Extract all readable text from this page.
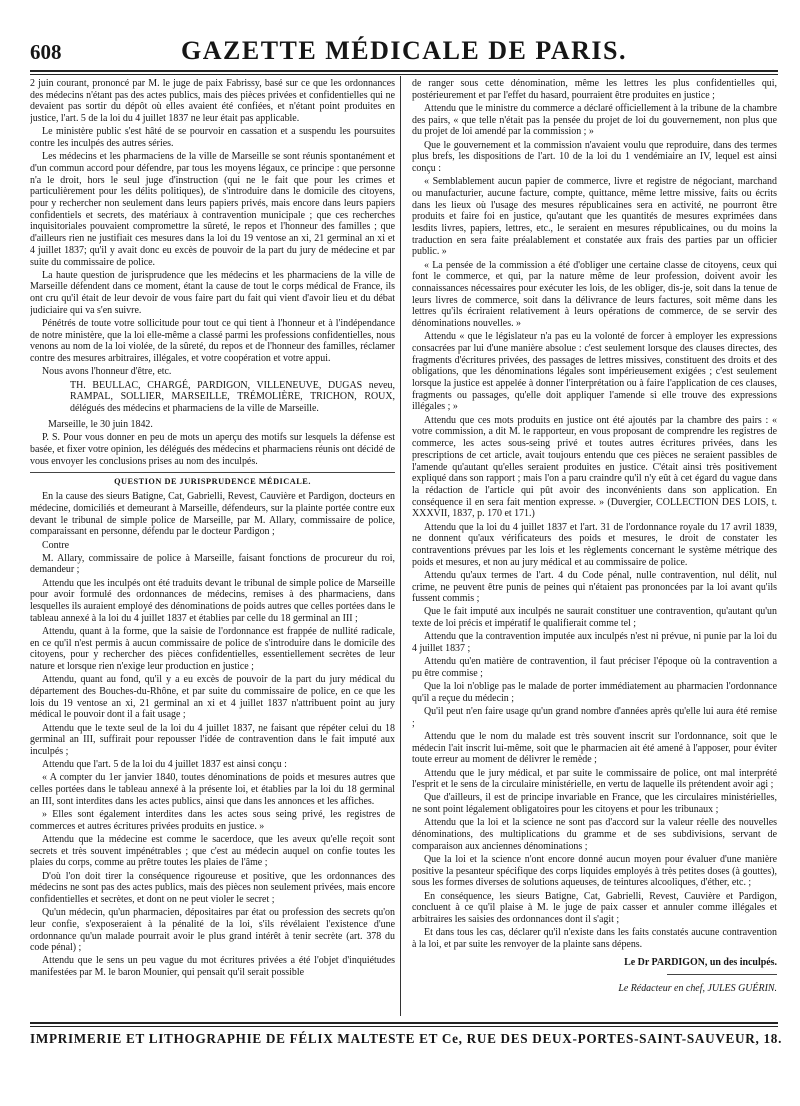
608	GAZETTE MÉDICALE DE PARIS.

2 juin courant, prononcé par M. le juge de paix Fabrissy, basé sur ce que les ordonnances des médecins n'étant pas des actes publics, mais des pièces privées et confidentielles qui ne devaient pas sortir du dépôt où elles avaient été confiées, et n'étant point produites en justice, l'art. 5 de la loi du 4 juillet 1837 ne leur était pas applicable.

Le ministère public s'est hâté de se pourvoir en cassation et a suspendu les poursuites contre les inculpés des autres séries.

Les médecins et les pharmaciens de la ville de Marseille se sont réunis spontanément et d'un commun accord pour défendre, par tous les moyens légaux, ce principe : que personne n'a le droit, hors le seul juge d'instruction (qui ne le fait que pour les crimes et particulièrement pour les délits politiques), de s'introduire dans le domicile des citoyens, pour y rechercher non seulement dans leurs papiers privés, mais encore dans leurs papiers confidentiels et secrets, des matériaux à contravention municipale ; que ces recherches inquisitoriales pouvaient compromettre la sûreté, le repos et l'honneur des familles ; que d'ailleurs rien ne justifiait ces mesures dans la loi du 19 ventose an xi, 21 germinal an xi et 4 juillet 1837; qu'il y avait donc eu excès de pouvoir de la part du jury de médecine et par suite du commissaire de police.

La haute question de jurisprudence que les médecins et les pharmaciens de la ville de Marseille défendent dans ce moment, étant la cause de tout le corps médical de France, ils ont cru qu'il était de leur devoir de vous faire part du fait qui vient d'avoir lieu et du débat judiciaire qui va s'en suivre.

Pénétrés de toute votre sollicitude pour tout ce qui tient à l'honneur et à l'indépendance de notre ministère, que la loi elle-même a classé parmi les professions confidentielles, nous venons au nom de la loi violée, de la sûreté, du repos et de l'honneur des familles, réclamer contre des mesures arbitraires, illégales, et votre coopération et votre appui.

Nous avons l'honneur d'être, etc.

TH. BEULLAC, CHARGÉ, PARDIGON, VILLENEUVE, DUGAS neveu, RAMPAL, SOLLIER, MARSEILLE, TRÉMOLIÈRE, TRICHON, ROUX, délégués des médecins et pharmaciens de la ville de Marseille.

Marseille, le 30 juin 1842.

P. S. Pour vous donner en peu de mots un aperçu des motifs sur lesquels la défense est basée, et fixer votre opinion, les délégués des médecins et pharmaciens réunis ont décidé de vous envoyer les conclusions prises au nom des inculpés.

QUESTION DE JURISPRUDENCE MÉDICALE.

En la cause des sieurs Batigne, Cat, Gabrielli, Revest, Cauvière et Pardigon, docteurs en médecine, domiciliés et demeurant à Marseille, défendeurs, sur la plainte portée contre eux devant le tribunal de simple police de Marseille, par M. Allary, commissaire de police, comparaissant en personne, défendu par le docteur Pardigon ;

Contre

M. Allary, commissaire de police à Marseille, faisant fonctions de procureur du roi, demandeur ;

Attendu que les inculpés ont été traduits devant le tribunal de simple police de Marseille pour avoir formulé des ordonnances de médecins, remises à des pharmaciens, dans lesquelles ils auraient employé des dénominations de poids autres que celles portées dans le tableau annexé à la loi du 4 juillet 1837 et établies par celle du 18 germinal an III ;

Attendu, quant à la forme, que la saisie de l'ordonnance est frappée de nullité radicale, en ce qu'il n'est permis à aucun commissaire de police de s'introduire dans le domicile des citoyens, pour y rechercher des pièces confidentielles, essentiellement secrètes de leur nature et lorsque rien n'exige leur production en justice ;

Attendu, quant au fond, qu'il y a eu excès de pouvoir de la part du jury médical du département des Bouches-du-Rhône, et par suite du commissaire de police, en ce que les lois du 19 ventose an xi, 21 germinal an xi et 4 juillet 1837 n'attribuent point au jury médical le pouvoir dont il a fait usage ;

Attendu que le texte seul de la loi du 4 juillet 1837, ne faisant que répéter celui du 18 germinal an III, suffirait pour repousser l'idée de contravention dans le fait imputé aux inculpés ;

Attendu que l'art. 5 de la loi du 4 juillet 1837 est ainsi conçu :

« A compter du 1er janvier 1840, toutes dénominations de poids et mesures autres que celles portées dans le tableau annexé à la présente loi, et établies par la loi du 18 germinal an III, sont interdites dans les actes publics, ainsi que dans les annonces et les affiches.

» Elles sont également interdites dans les actes sous seing privé, les registres de commerces et autres écritures privées produits en justice. »

Attendu que la médecine est comme le sacerdoce, que les aveux qu'elle reçoit sont secrets et très souvent impénétrables ; que c'est au médecin auquel on confie toutes les plaies du corps, comme au prêtre toutes les plaies de l'âme ;

D'où l'on doit tirer la conséquence rigoureuse et positive, que les ordonnances des médecins ne sont pas des actes publics, mais des pièces non seulement privées, mais encore confidentielles et secrètes, et dont on ne peut violer le secret ;

Qu'un médecin, qu'un pharmacien, dépositaires par état ou profession des secrets qu'on leur confie, s'exposeraient à la pénalité de la loi, s'ils révélaient l'existence d'une ordonnance qu'un malade pourrait avoir le plus grand intérêt à tenir secrète (art. 378 du code pénal) ;

Attendu que le sens un peu vague du mot écritures privées a été l'objet d'inquiétudes manifestées par M. le baron Mounier, qui pensait qu'il serait possible

de ranger sous cette dénomination, même les lettres les plus confidentielles qui, postérieurement et par l'effet du hasard, pourraient être produites en justice ;

Attendu que le ministre du commerce a déclaré officiellement à la tribune de la chambre des pairs, « que telle n'était pas la pensée du projet de loi du gouvernement, non plus que du projet de loi amendé par la commission ; »

Que le gouvernement et la commission n'avaient voulu que reproduire, dans des termes plus brefs, les dispositions de l'art. 10 de la loi du 1 vendémiaire an IV, lequel est ainsi conçu :

« Semblablement aucun papier de commerce, livre et registre de négociant, marchand ou manufacturier, aucune facture, compte, quittance, même lettre missive, faits ou écrits dans les lieux où l'usage des mesures républicaines sera en activité, ne pourront être produits et faire foi en justice, qu'autant que les quantités de mesures exprimées dans lesdits livres, papiers, lettres, etc., le seraient en mesures républicaines, ou du moins la traduction en sera faite préalablement et constatée aux frais des parties par un officier public. »

« La pensée de la commission a été d'obliger une certaine classe de citoyens, ceux qui font le commerce, et qui, par la nature même de leur profession, doivent avoir les connaissances nécessaires pour exécuter les lois, de les obliger, dis-je, soit dans la tenue de leurs livres de commerce, soit dans la délivrance de leurs factures, soit même dans les lettres qu'ils écriraient relativement à leurs opérations de commerce, de se servir des dénominations nouvelles. »

Attendu « que le législateur n'a pas eu la volonté de forcer à employer les expressions consacrées par lui d'une manière absolue : c'est seulement lorsque des clauses directes, des fragments d'écritures privées, des passages de lettres missives, constituent des droits et des obligations, que les dénominations légales sont impérieusement exigées ; c'est seulement lorsque la justice est appelée à donner l'interprétation ou à faire l'application de ces clauses, fragments ou passages, qu'elle doit appliquer l'amende si elle trouve des expressions illégales ; »

Attendu que ces mots produits en justice ont été ajoutés par la chambre des pairs : « votre commission, a dit M. le rapporteur, en vous proposant de comprendre les registres de commerce, les actes sous-seing privé et toutes autres écritures privées, dans les prescriptions de cet article, avait toujours entendu que ces pièces ne seraient passibles de l'amende qu'autant qu'elles seraient produites en justice. C'était ainsi très positivement expliqué dans son rapport ; mais l'on a paru craindre qu'il n'y eût à cet égard du vague dans la rédaction de l'article qui pût avoir des inconvénients dans son application. En conséquence il en sera fait mention expresse. » (Duvergier, COLLECTION DES LOIS, t. XXXVII, 1837, p. 170 et 171.)

Attendu que la loi du 4 juillet 1837 et l'art. 31 de l'ordonnance royale du 17 avril 1839, ne donnent qu'aux vérificateurs des poids et mesures, le droit de constater les contraventions prévues par les lois et les règlements concernant le système métrique des poids et mesures, et non au jury médical et au commissaire de police.

Attendu qu'aux termes de l'art. 4 du Code pénal, nulle contravention, nul délit, nul crime, ne peuvent être punis de peines qui n'étaient pas prononcées par la loi avant qu'ils fussent commis ;

Que le fait imputé aux inculpés ne saurait constituer une contravention, qu'autant qu'un texte de loi précis et impératif le qualifierait comme tel ;

Attendu que la contravention imputée aux inculpés n'est ni prévue, ni punie par la loi du 4 juillet 1837 ;

Attendu qu'en matière de contravention, il faut préciser l'époque où la contravention a pu être commise ;

Que la loi n'oblige pas le malade de porter immédiatement au pharmacien l'ordonnance qu'il a reçue du médecin ;

Qu'il peut n'en faire usage qu'un grand nombre d'années après qu'elle lui aura été remise ;

Attendu que le nom du malade est très souvent inscrit sur l'ordonnance, soit que le médecin l'ait inscrit lui-même, soit que le pharmacien ait été amené à l'apposer, pour éviter toute erreur au moment de délivrer le remède ;

Attendu que le jury médical, et par suite le commissaire de police, ont mal interprété l'esprit et le sens de la circulaire ministérielle, en vertu de laquelle ils prétendent avoir agi ;

Que d'ailleurs, il est de principe invariable en France, que les circulaires ministérielles, ne sont point légalement obligatoires pour les citoyens et pour les tribunaux ;

Attendu que la loi et la science ne sont pas d'accord sur la valeur réelle des nouvelles dénominations, des multiplications du gramme et de ses subdivisions, servant de comparaison aux anciennes dénominations ;

Que la loi et la science n'ont encore donné aucun moyen pour évaluer d'une manière positive la pesanteur spécifique des corps liquides employés à très petites doses (à gouttes), sous les formes diverses de solutions aqueuses, de teintures alcooliques, d'éther, etc. ;

En conséquence, les sieurs Batigne, Cat, Gabrielli, Revest, Cauvière et Pardigon, concluent à ce qu'il plaise à M. le juge de paix casser et annuler comme illégales et arbitraires les saisies des ordonnances dont il s'agit ;

Et dans tous les cas, déclarer qu'il n'existe dans les faits constatés aucune contravention à la loi, et par suite les renvoyer de la plainte sans dépens.

Le Dr PARDIGON, un des inculpés.
Le Rédacteur en chef, JULES GUÉRIN.
IMPRIMERIE ET LITHOGRAPHIE DE FÉLIX MALTESTE ET Ce, RUE DES DEUX-PORTES-SAINT-SAUVEUR, 18.
